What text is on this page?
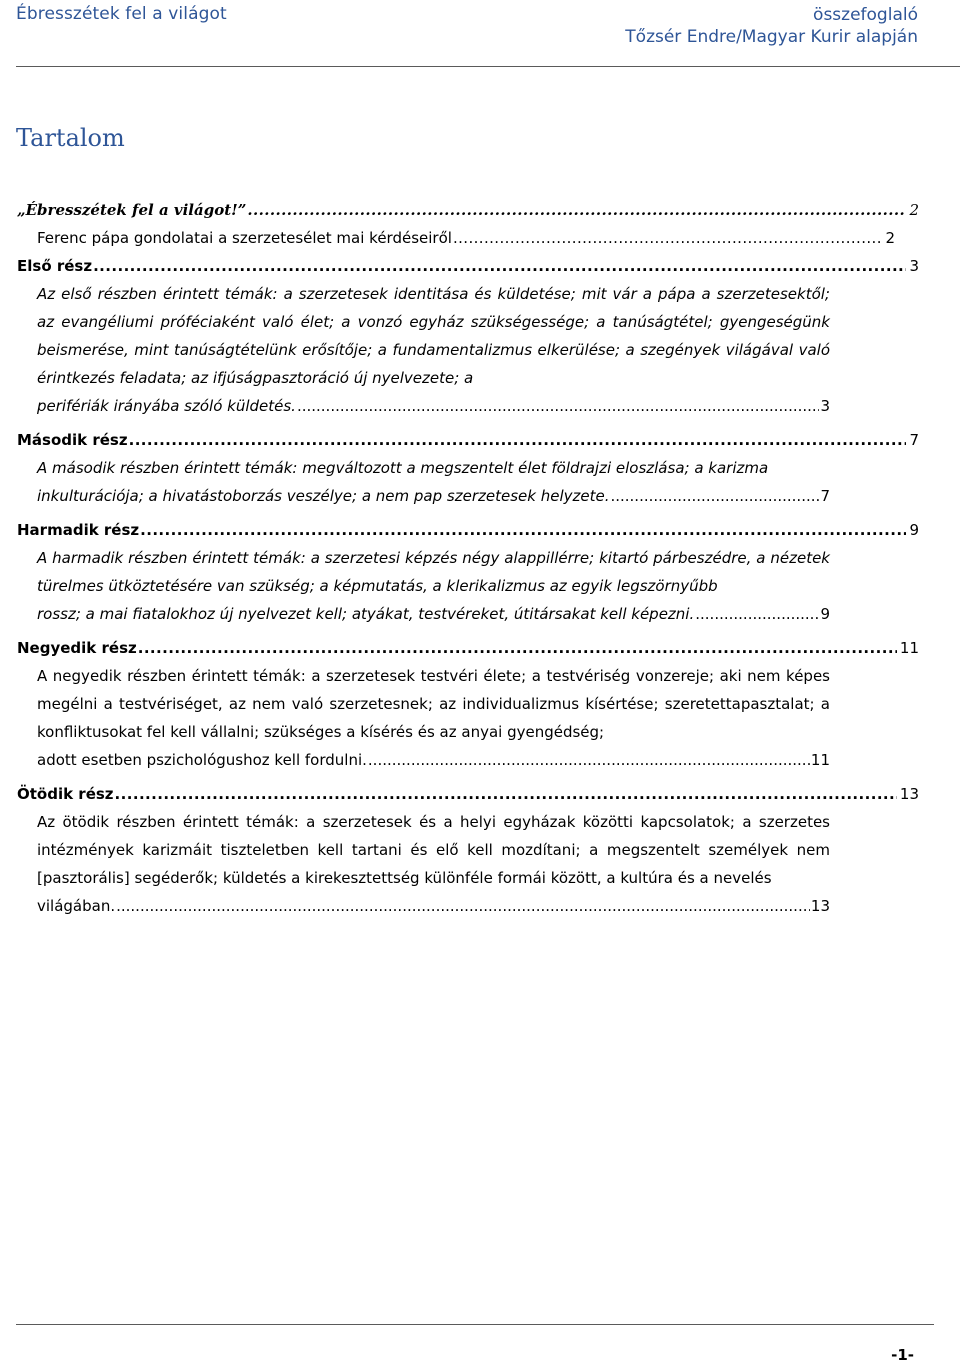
Ébresszétek fel a világot	összefoglaló
Tőzsér Endre/Magyar Kurir alapján
Tartalom
„Ébresszétek fel a világot!” .....	2
Ferenc pápa gondolatai a szerzetesélet mai kérdéseiről .....	2
Első rész .....	3
Az első részben érintett témák: a szerzetesek identitása és küldetése; mit vár a pápa a szerzetesektől; az evangéliumi próféciaként való élet; a vonzó egyház szükségessége; a tanúságtétel; gyengeségünk beismerése, mint tanúságtételünk erősítője; a fundamentalizmus elkerülése; a szegények világával való érintkezés feladata; az ifjúságpasztoráció új nyelvezete; a
perifériák irányába szóló küldetés. .....	3
Második rész .....	7
A második részben érintett témák: megváltozott a megszentelt élet földrajzi eloszlása; a karizma
inkulturációja; a hivatástoborzás veszélye; a nem pap szerzetesek helyzete. .....	7
Harmadik rész .....	9
A harmadik részben érintett témák: a szerzetesi képzés négy alappillérre; kitartó párbeszédre, a nézetek türelmes ütköztetésére van szükség; a képmutatás, a klerikalizmus az egyik legszörnyűbb
rossz; a mai fiatalokhoz új nyelvezet kell; atyákat, testvéreket, útitársakat kell képezni. .....	9
Negyedik rész .....	11
A negyedik részben érintett témák: a szerzetesek testvéri élete; a testvériség vonzereje; aki nem képes megélni a testvériséget, az nem való szerzetesnek; az individualizmus kísértése; szeretettapasztalat; a konfliktusokat fel kell vállalni; szükséges a kísérés és az anyai gyengédség;
adott esetben pszichológushoz kell fordulni. .....	11
Ötödik rész .....	13
Az ötödik részben érintett témák: a szerzetesek és a helyi egyházak közötti kapcsolatok; a szerzetes intézmények karizmáit tiszteletben kell tartani és elő kell mozdítani; a megszentelt személyek nem [pasztorális] segéderők; küldetés a kirekesztettség különféle formái között, a kultúra és a nevelés
világában. .....	13
-1-
